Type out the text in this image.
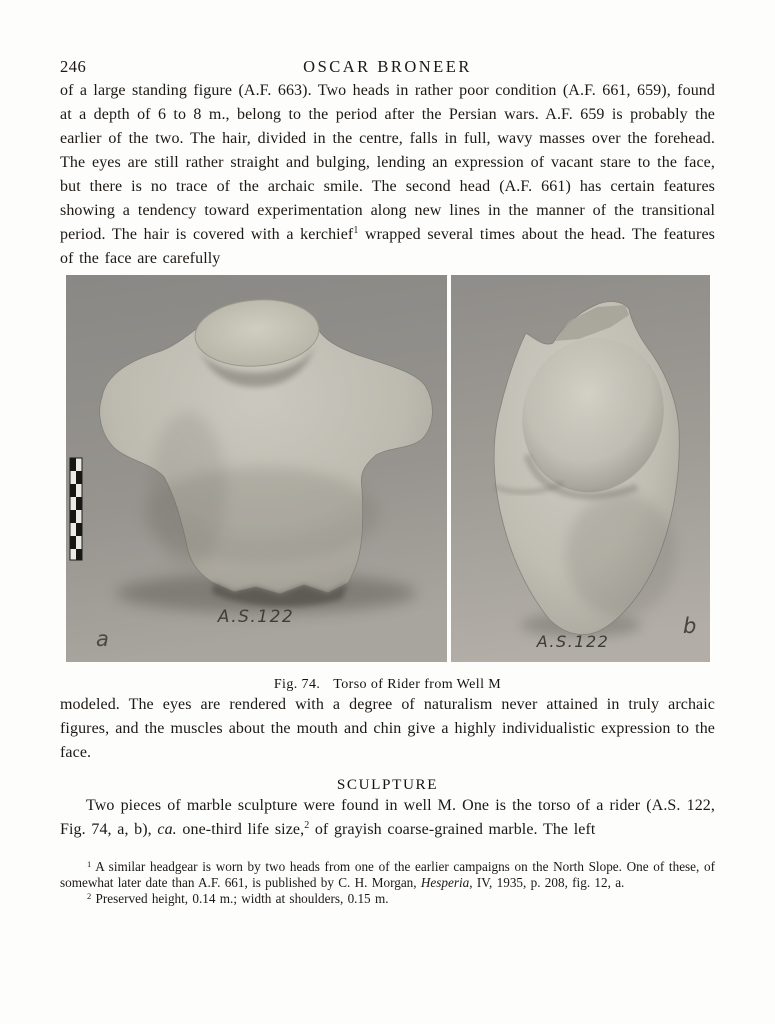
246	OSCAR BRONEER

of a large standing figure (A.F. 663). Two heads in rather poor condition (A.F. 661, 659), found at a depth of 6 to 8 m., belong to the period after the Persian wars. A.F. 659 is probably the earlier of the two. The hair, divided in the centre, falls in full, wavy masses over the forehead. The eyes are still rather straight and bulging, lending an expression of vacant stare to the face, but there is no trace of the archaic smile. The second head (A.F. 661) has certain features showing a tendency toward experimentation along new lines in the manner of the transitional period. The hair is covered with a kerchief$^1$ wrapped several times about the head. The features of the face are carefully

A.S.122
a	A.S.122
b
Fig. 74. Torso of Rider from Well M

modeled. The eyes are rendered with a degree of naturalism never attained in truly archaic figures, and the muscles about the mouth and chin give a highly individualistic expression to the face.

SCULPTURE

Two pieces of marble sculpture were found in well M. One is the torso of a rider (A.S. 122, Fig. 74, a, b), ca. one-third life size,$^2$ of grayish coarse-grained marble. The left

$^1$ A similar headgear is worn by two heads from one of the earlier campaigns on the North Slope. One of these, of somewhat later date than A.F. 661, is published by C. H. Morgan, Hesperia, IV, 1935, p. 208, fig. 12, a.

$^2$ Preserved height, 0.14 m.; width at shoulders, 0.15 m.
